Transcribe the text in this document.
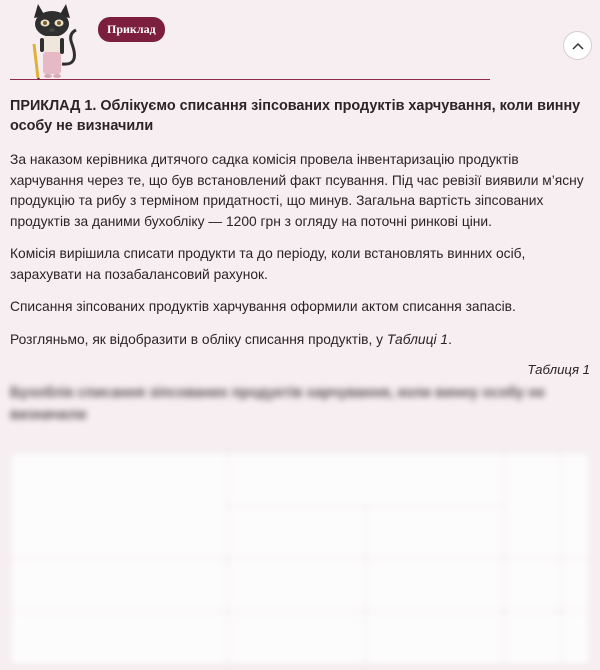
Приклад
ПРИКЛАД 1. Облікуємо списання зіпсованих продуктів харчування, коли винну особу не визначили

За наказом керівника дитячого садка комісія провела інвентаризацію продуктів харчування через те, що був встановлений факт псування. Під час ревізії виявили м’ясну продукцію та рибу з терміном придатності, що минув. Загальна вартість зіпсованих продуктів за даними бухобліку — 1200 грн з огляду на поточні ринкові ціни.

Комісія вирішила списати продукти та до періоду, коли встановлять винних осіб, зарахувати на позабалансовий рахунок.

Списання зіпсованих продуктів харчування оформили актом списання запасів.

Розгляньмо, як відобразити в обліку списання продуктів, у Таблиці 1.

Таблиця 1
Бухоблік списання зіпсованих продуктів харчування, коли винну особу не визначили
